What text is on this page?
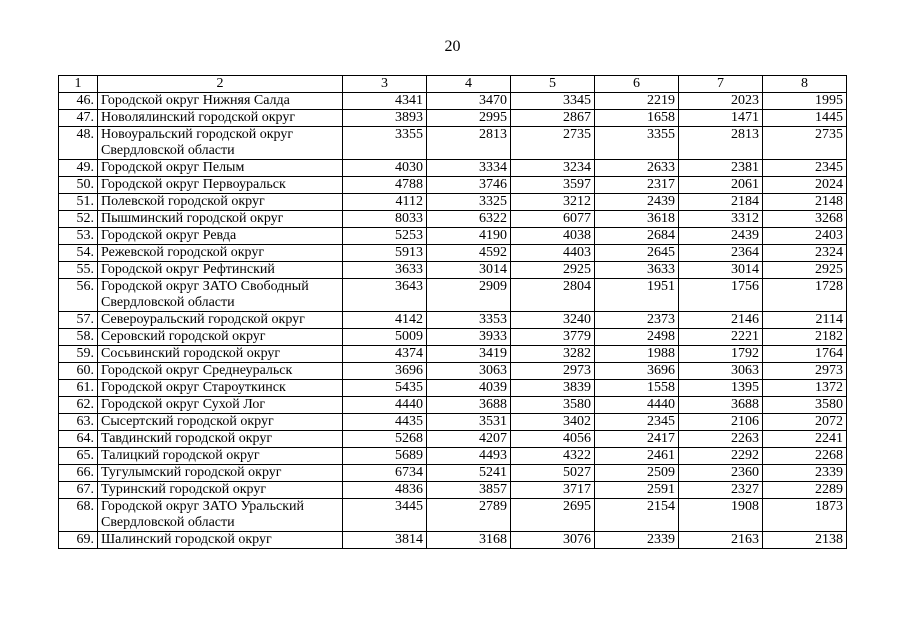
20
1	2	3	4	5	6	7	8
46.	Городской округ Нижняя Салда	4341	3470	3345	2219	2023	1995
47.	Новолялинский городской округ	3893	2995	2867	1658	1471	1445
48.	Новоуральский городской округ
Свердловской области	3355	2813	2735	3355	2813	2735
49.	Городской округ Пелым	4030	3334	3234	2633	2381	2345
50.	Городской округ Первоуральск	4788	3746	3597	2317	2061	2024
51.	Полевской городской округ	4112	3325	3212	2439	2184	2148
52.	Пышминский городской округ	8033	6322	6077	3618	3312	3268
53.	Городской округ Ревда	5253	4190	4038	2684	2439	2403
54.	Режевской городской округ	5913	4592	4403	2645	2364	2324
55.	Городской округ Рефтинский	3633	3014	2925	3633	3014	2925
56.	Городской округ ЗАТО Свободный
Свердловской области	3643	2909	2804	1951	1756	1728
57.	Североуральский городской округ	4142	3353	3240	2373	2146	2114
58.	Серовский городской округ	5009	3933	3779	2498	2221	2182
59.	Сосьвинский городской округ	4374	3419	3282	1988	1792	1764
60.	Городской округ Среднеуральск	3696	3063	2973	3696	3063	2973
61.	Городской округ Староуткинск	5435	4039	3839	1558	1395	1372
62.	Городской округ Сухой Лог	4440	3688	3580	4440	3688	3580
63.	Сысертский городской округ	4435	3531	3402	2345	2106	2072
64.	Тавдинский городской округ	5268	4207	4056	2417	2263	2241
65.	Талицкий городской округ	5689	4493	4322	2461	2292	2268
66.	Тугулымский городской округ	6734	5241	5027	2509	2360	2339
67.	Туринский городской округ	4836	3857	3717	2591	2327	2289
68.	Городской округ ЗАТО Уральский
Свердловской области	3445	2789	2695	2154	1908	1873
69.	Шалинский городской округ	3814	3168	3076	2339	2163	2138
